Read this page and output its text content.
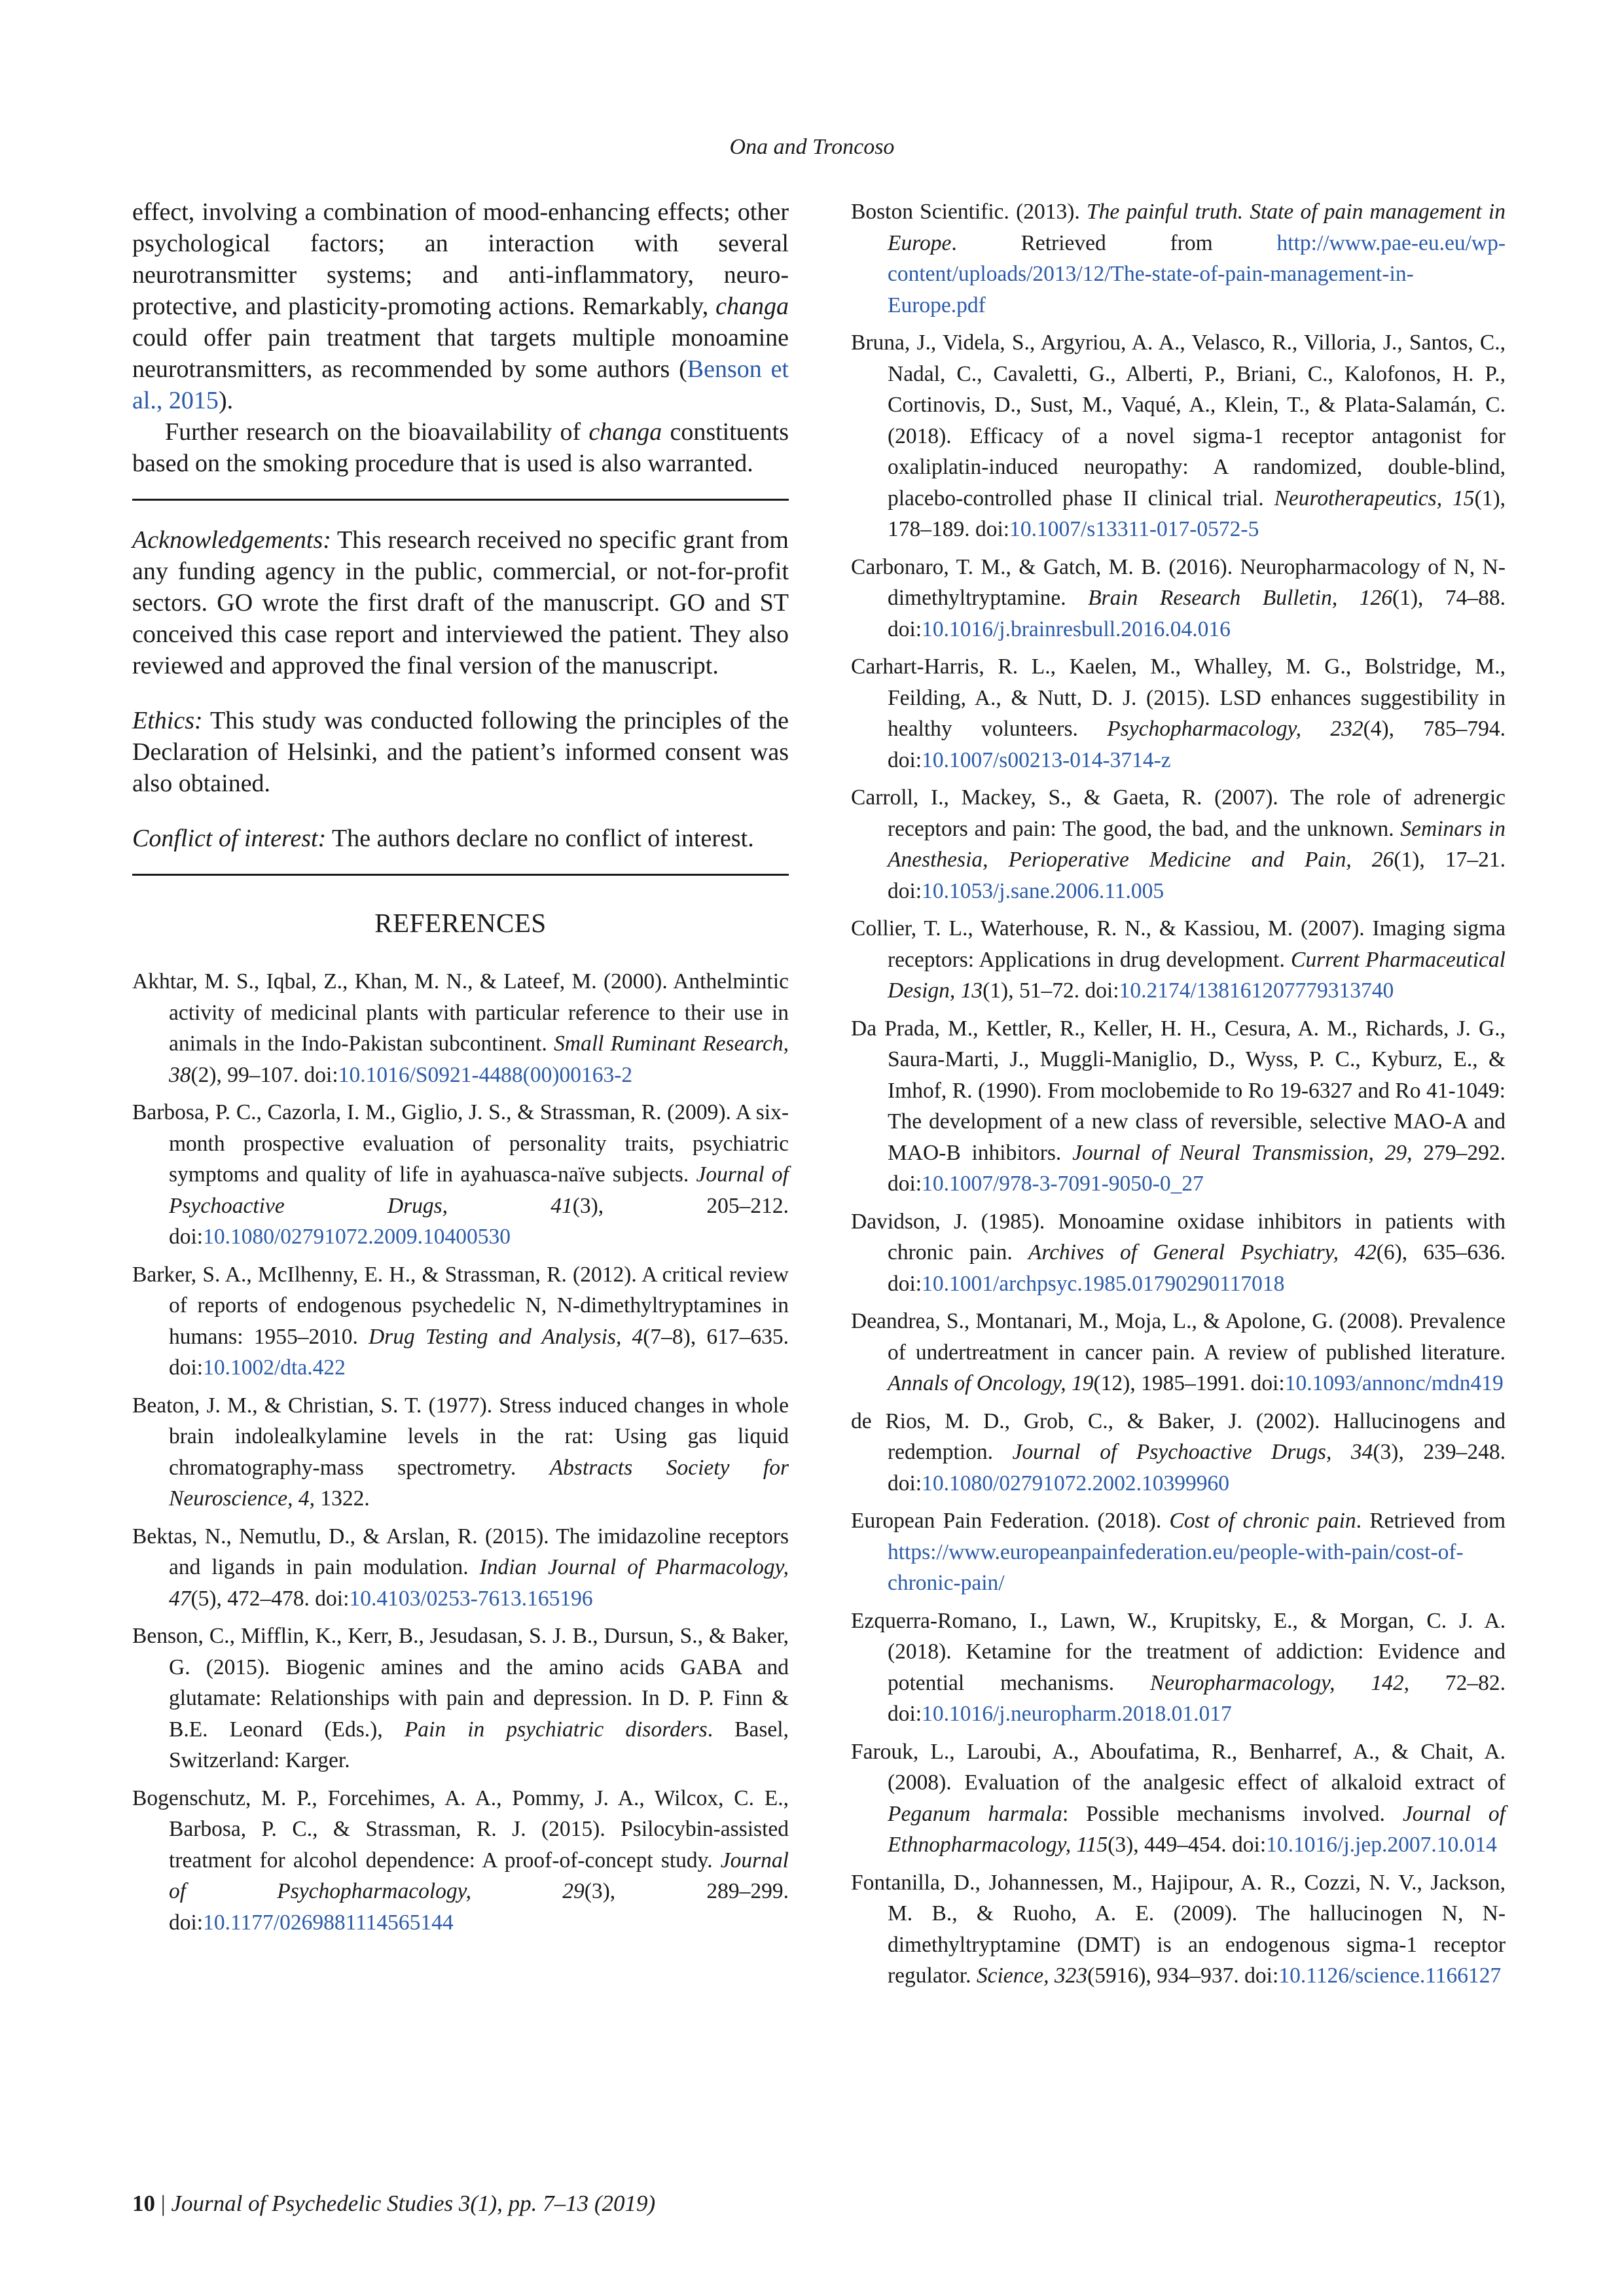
Ona and Troncoso

effect, involving a combination of mood-enhancing effects; other psychological factors; an interaction with several neurotransmitter systems; and anti-inflammatory, neuro-protective, and plasticity-promoting actions. Remarkably, changa could offer pain treatment that targets multiple monoamine neurotransmitters, as recommended by some authors (Benson et al., 2015).

Further research on the bioavailability of changa constituents based on the smoking procedure that is used is also warranted.

Acknowledgements: This research received no specific grant from any funding agency in the public, commercial, or not-for-profit sectors. GO wrote the first draft of the manuscript. GO and ST conceived this case report and interviewed the patient. They also reviewed and approved the final version of the manuscript.

Ethics: This study was conducted following the principles of the Declaration of Helsinki, and the patient’s informed consent was also obtained.

Conflict of interest: The authors declare no conflict of interest.

REFERENCES

Akhtar, M. S., Iqbal, Z., Khan, M. N., & Lateef, M. (2000). Anthelmintic activity of medicinal plants with particular reference to their use in animals in the Indo-Pakistan subcontinent. Small Ruminant Research, 38(2), 99–107. doi:10.1016/S0921-4488(00)00163-2

Barbosa, P. C., Cazorla, I. M., Giglio, J. S., & Strassman, R. (2009). A six-month prospective evaluation of personality traits, psychiatric symptoms and quality of life in ayahuasca-naïve subjects. Journal of Psychoactive Drugs, 41(3), 205–212. doi:10.1080/02791072.2009.10400530

Barker, S. A., McIlhenny, E. H., & Strassman, R. (2012). A critical review of reports of endogenous psychedelic N, N-dimethyltryptamines in humans: 1955–2010. Drug Testing and Analysis, 4(7–8), 617–635. doi:10.1002/dta.422

Beaton, J. M., & Christian, S. T. (1977). Stress induced changes in whole brain indolealkylamine levels in the rat: Using gas liquid chromatography-mass spectrometry. Abstracts Society for Neuroscience, 4, 1322.

Bektas, N., Nemutlu, D., & Arslan, R. (2015). The imidazoline receptors and ligands in pain modulation. Indian Journal of Pharmacology, 47(5), 472–478. doi:10.4103/0253-7613.165196

Benson, C., Mifflin, K., Kerr, B., Jesudasan, S. J. B., Dursun, S., & Baker, G. (2015). Biogenic amines and the amino acids GABA and glutamate: Relationships with pain and depression. In D. P. Finn & B.E. Leonard (Eds.), Pain in psychiatric disorders. Basel, Switzerland: Karger.

Bogenschutz, M. P., Forcehimes, A. A., Pommy, J. A., Wilcox, C. E., Barbosa, P. C., & Strassman, R. J. (2015). Psilocybin-assisted treatment for alcohol dependence: A proof-of-concept study. Journal of Psychopharmacology, 29(3), 289–299. doi:10.1177/0269881114565144

Boston Scientific. (2013). The painful truth. State of pain management in Europe. Retrieved from http://www.pae-eu.eu/wp-content/uploads/2013/12/The-state-of-pain-management-in-Europe.pdf

Bruna, J., Videla, S., Argyriou, A. A., Velasco, R., Villoria, J., Santos, C., Nadal, C., Cavaletti, G., Alberti, P., Briani, C., Kalofonos, H. P., Cortinovis, D., Sust, M., Vaqué, A., Klein, T., & Plata-Salamán, C. (2018). Efficacy of a novel sigma-1 receptor antagonist for oxaliplatin-induced neuropathy: A randomized, double-blind, placebo-controlled phase II clinical trial. Neurotherapeutics, 15(1), 178–189. doi:10.1007/s13311-017-0572-5

Carbonaro, T. M., & Gatch, M. B. (2016). Neuropharmacology of N, N-dimethyltryptamine. Brain Research Bulletin, 126(1), 74–88. doi:10.1016/j.brainresbull.2016.04.016

Carhart-Harris, R. L., Kaelen, M., Whalley, M. G., Bolstridge, M., Feilding, A., & Nutt, D. J. (2015). LSD enhances suggestibility in healthy volunteers. Psychopharmacology, 232(4), 785–794. doi:10.1007/s00213-014-3714-z

Carroll, I., Mackey, S., & Gaeta, R. (2007). The role of adrenergic receptors and pain: The good, the bad, and the unknown. Seminars in Anesthesia, Perioperative Medicine and Pain, 26(1), 17–21. doi:10.1053/j.sane.2006.11.005

Collier, T. L., Waterhouse, R. N., & Kassiou, M. (2007). Imaging sigma receptors: Applications in drug development. Current Pharmaceutical Design, 13(1), 51–72. doi:10.2174/138161207779313740

Da Prada, M., Kettler, R., Keller, H. H., Cesura, A. M., Richards, J. G., Saura-Marti, J., Muggli-Maniglio, D., Wyss, P. C., Kyburz, E., & Imhof, R. (1990). From moclobemide to Ro 19-6327 and Ro 41-1049: The development of a new class of reversible, selective MAO-A and MAO-B inhibitors. Journal of Neural Transmission, 29, 279–292. doi:10.1007/978-3-7091-9050-0_27

Davidson, J. (1985). Monoamine oxidase inhibitors in patients with chronic pain. Archives of General Psychiatry, 42(6), 635–636. doi:10.1001/archpsyc.1985.01790290117018

Deandrea, S., Montanari, M., Moja, L., & Apolone, G. (2008). Prevalence of undertreatment in cancer pain. A review of published literature. Annals of Oncology, 19(12), 1985–1991. doi:10.1093/annonc/mdn419

de Rios, M. D., Grob, C., & Baker, J. (2002). Hallucinogens and redemption. Journal of Psychoactive Drugs, 34(3), 239–248. doi:10.1080/02791072.2002.10399960

European Pain Federation. (2018). Cost of chronic pain. Retrieved from https://www.europeanpainfederation.eu/people-with-pain/cost-of-chronic-pain/

Ezquerra-Romano, I., Lawn, W., Krupitsky, E., & Morgan, C. J. A. (2018). Ketamine for the treatment of addiction: Evidence and potential mechanisms. Neuropharmacology, 142, 72–82. doi:10.1016/j.neuropharm.2018.01.017

Farouk, L., Laroubi, A., Aboufatima, R., Benharref, A., & Chait, A. (2008). Evaluation of the analgesic effect of alkaloid extract of Peganum harmala: Possible mechanisms involved. Journal of Ethnopharmacology, 115(3), 449–454. doi:10.1016/j.jep.2007.10.014

Fontanilla, D., Johannessen, M., Hajipour, A. R., Cozzi, N. V., Jackson, M. B., & Ruoho, A. E. (2009). The hallucinogen N, N-dimethyltryptamine (DMT) is an endogenous sigma-1 receptor regulator. Science, 323(5916), 934–937. doi:10.1126/science.1166127

10 | Journal of Psychedelic Studies 3(1), pp. 7–13 (2019)
